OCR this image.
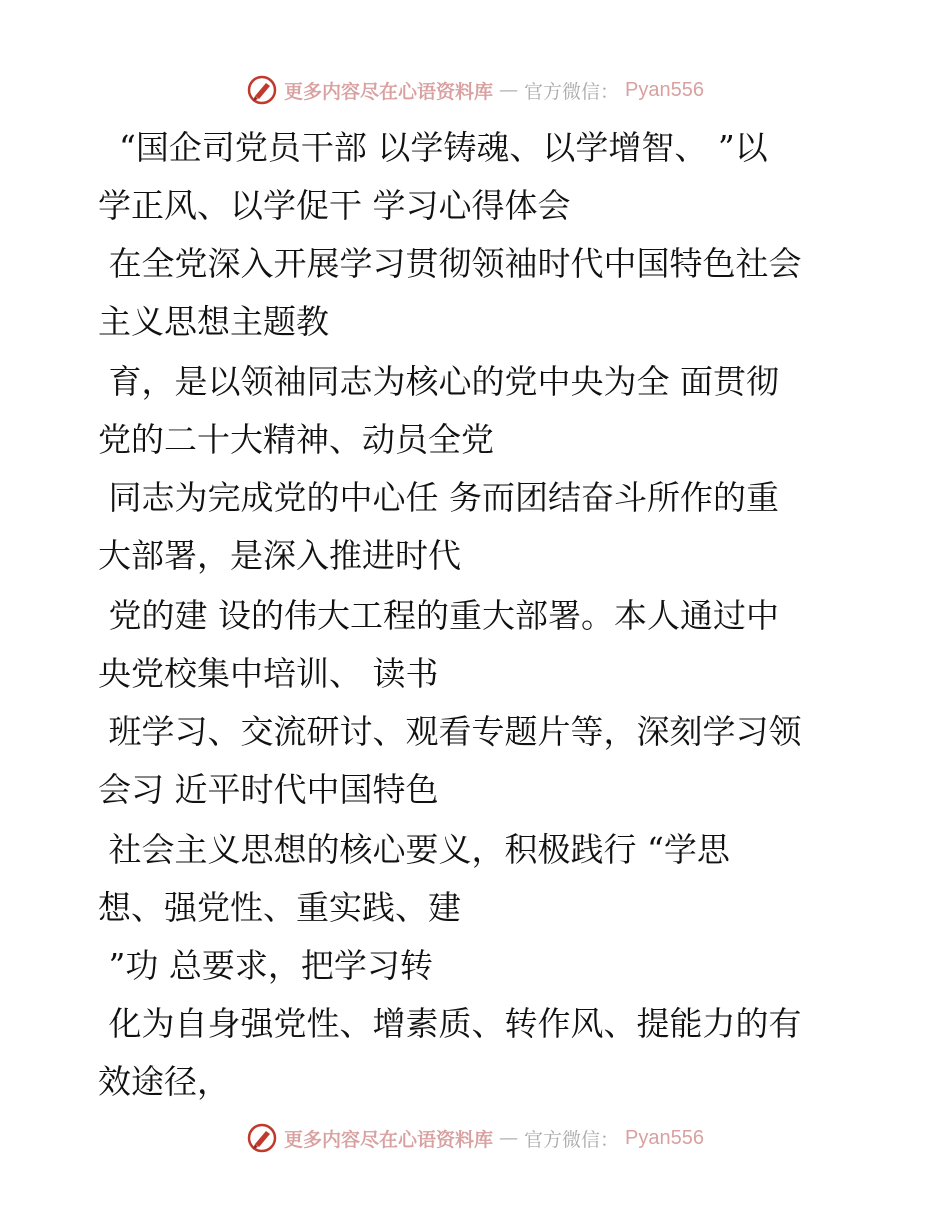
更多内容尽在心语资料库 — 官方微信： Pyan556
“国企司党员干部 以学铸魂、以学增智、 ”以
学正风、以学促干 学习心得体会
在全党深入开展学习贯彻领袖时代中国特色社会
主义思想主题教
育，是以领袖同志为核心的党中央为全 面贯彻
党的二十大精神、动员全党
同志为完成党的中心任 务而团结奋斗所作的重
大部署，是深入推进时代
党的建 设的伟大工程的重大部署。本人通过中
央党校集中培训、 读书
班学习、交流研讨、观看专题片等，深刻学习领
会习 近平时代中国特色
社会主义思想的核心要义，积极践行 “学思
想、强党性、重实践、建
”功 总要求，把学习转
化为自身强党性、增素质、转作风、提能力的有
效途径，
更多内容尽在心语资料库 — 官方微信： Pyan556
